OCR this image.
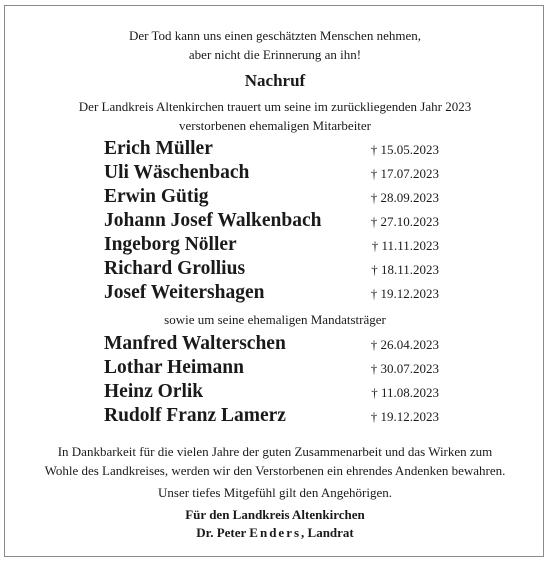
Der Tod kann uns einen geschätzten Menschen nehmen,
aber nicht die Erinnerung an ihn!
Nachruf
Der Landkreis Altenkirchen trauert um seine im zurückliegenden Jahr 2023
verstorbenen ehemaligen Mitarbeiter
Erich Müller	† 15.05.2023
Uli Wäschenbach	† 17.07.2023
Erwin Gütig	† 28.09.2023
Johann Josef Walkenbach	† 27.10.2023
Ingeborg Nöller	† 11.11.2023
Richard Grollius	† 18.11.2023
Josef Weitershagen	† 19.12.2023
sowie um seine ehemaligen Mandatsträger
Manfred Walterschen	† 26.04.2023
Lothar Heimann	† 30.07.2023
Heinz Orlik	† 11.08.2023
Rudolf Franz Lamerz	† 19.12.2023
In Dankbarkeit für die vielen Jahre der guten Zusammenarbeit und das Wirken zum
Wohle des Landkreises, werden wir den Verstorbenen ein ehrendes Andenken bewahren.
Unser tiefes Mitgefühl gilt den Angehörigen.
Für den Landkreis Altenkirchen
Dr. Peter Enders, Landrat
